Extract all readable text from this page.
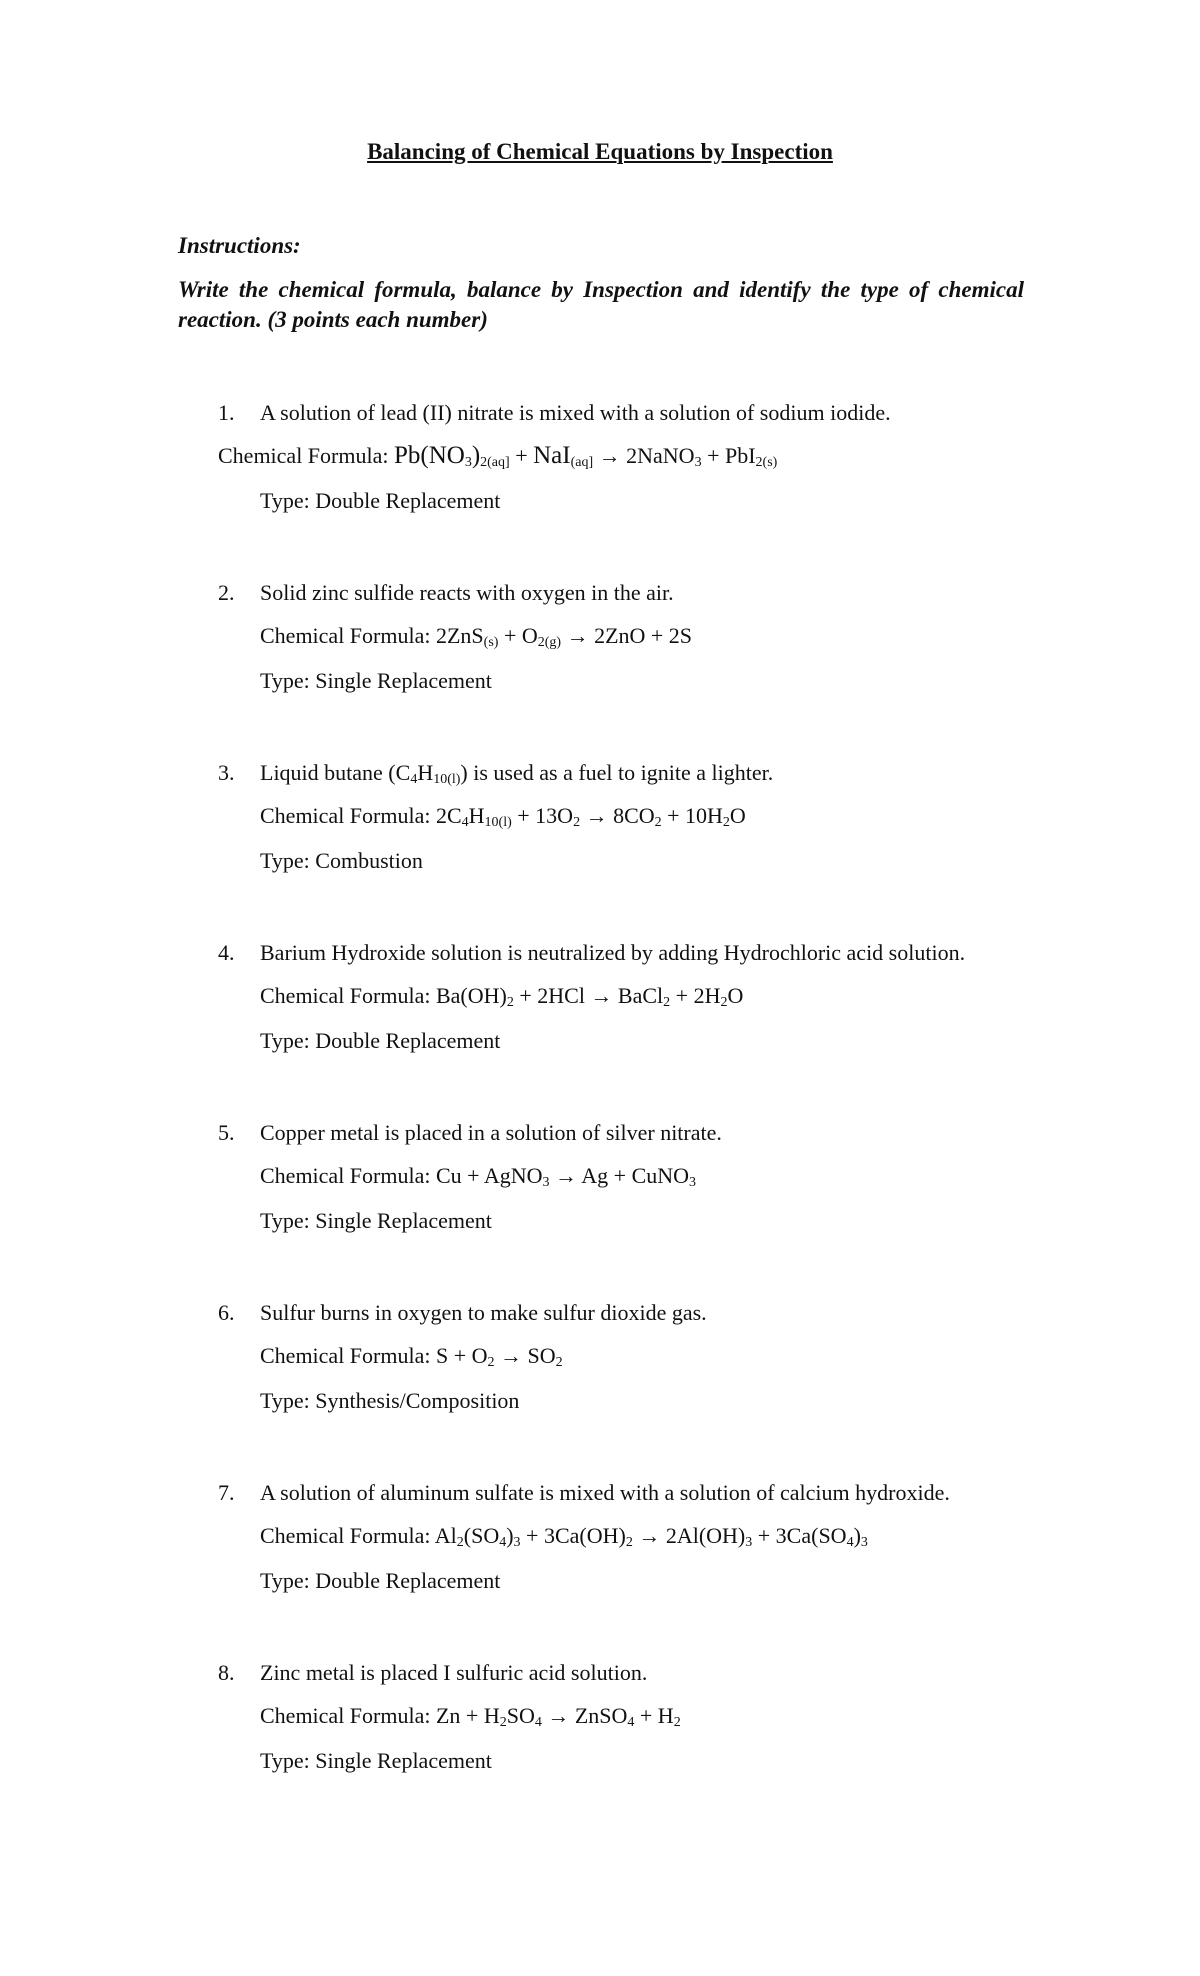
Balancing of Chemical Equations by Inspection
Instructions:
Write the chemical formula, balance by Inspection and identify the type of chemical reaction. (3 points each number)
1. A solution of lead (II) nitrate is mixed with a solution of sodium iodide.
Chemical Formula: $Pb(NO_3)_{2(aq]} + NaI_{(aq]}$ → 2NaNO$_3$ + PbI$_{2(s)}$
Type: Double Replacement
2. Solid zinc sulfide reacts with oxygen in the air.
Chemical Formula: $2ZnS_{(s)} + O_{2(g)} \to 2ZnO + 2S$
Type: Single Replacement
3. Liquid butane $(C_4H_{10(l)})$ is used as a fuel to ignite a lighter.
Chemical Formula: $2C_4H_{10(l)} + 13O_2 \to 8CO_2 + 10H_2O$
Type: Combustion
4. Barium Hydroxide solution is neutralized by adding Hydrochloric acid solution.
Chemical Formula: $Ba(OH)_2 + 2HCl$ → BaCl$_2$ + $2H_2O$
Type: Double Replacement
5. Copper metal is placed in a solution of silver nitrate.
Chemical Formula: Cu + AgNO$_3$ → Ag + CuNO$_3$
Type: Single Replacement
6. Sulfur burns in oxygen to make sulfur dioxide gas.
Chemical Formula: $S + O_2 \to SO_2$
Type: Synthesis/Composition
7. A solution of aluminum sulfate is mixed with a solution of calcium hydroxide.
Chemical Formula: $Al_2(SO_4)_3 + 3Ca(OH)_2 \to 2Al(OH)_3 + 3Ca(SO_4)_3$
Type: Double Replacement
8. Zinc metal is placed I sulfuric acid solution.
Chemical Formula: $Zn + H_2SO_4$ → ZnSO$_4$ + $H_2$
Type: Single Replacement
